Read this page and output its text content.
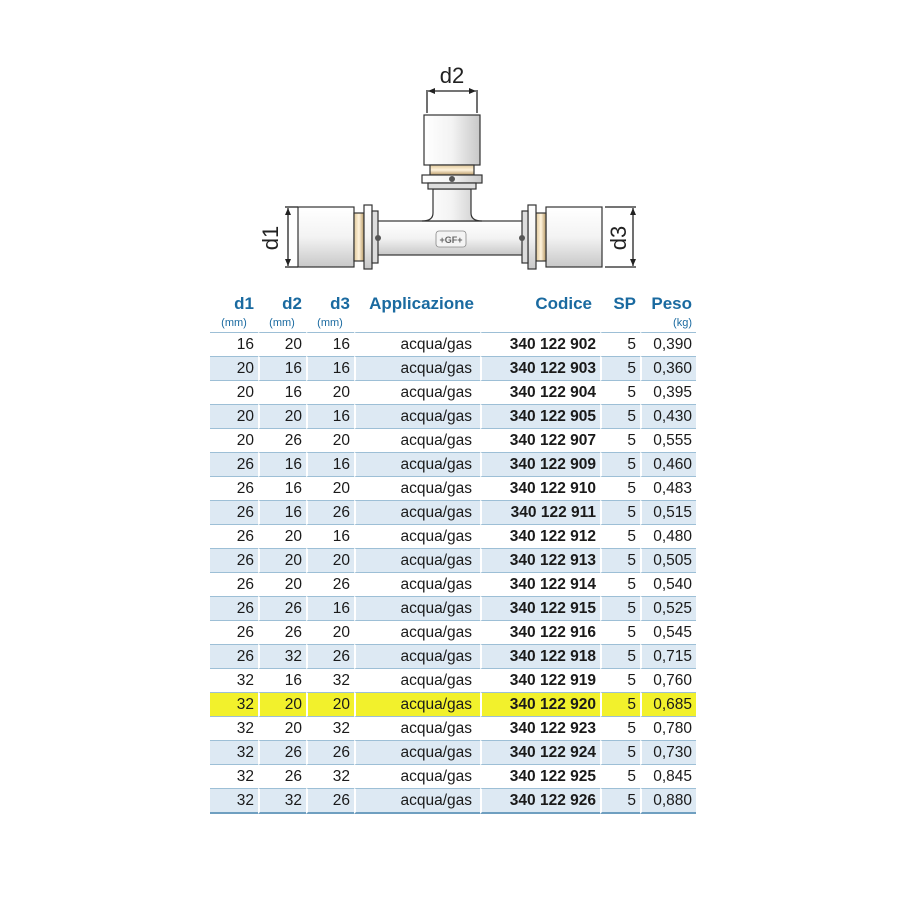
+GF+
d2
d1	d3
d1	d2	d3	Applicazione	Codice	SP	Peso
(mm)	(mm)	(mm)				(kg)
16	20	16	acqua/gas	340 122 902	5	0,390
20	16	16	acqua/gas	340 122 903	5	0,360
20	16	20	acqua/gas	340 122 904	5	0,395
20	20	16	acqua/gas	340 122 905	5	0,430
20	26	20	acqua/gas	340 122 907	5	0,555
26	16	16	acqua/gas	340 122 909	5	0,460
26	16	20	acqua/gas	340 122 910	5	0,483
26	16	26	acqua/gas	340 122 911	5	0,515
26	20	16	acqua/gas	340 122 912	5	0,480
26	20	20	acqua/gas	340 122 913	5	0,505
26	20	26	acqua/gas	340 122 914	5	0,540
26	26	16	acqua/gas	340 122 915	5	0,525
26	26	20	acqua/gas	340 122 916	5	0,545
26	32	26	acqua/gas	340 122 918	5	0,715
32	16	32	acqua/gas	340 122 919	5	0,760
32	20	20	acqua/gas	340 122 920	5	0,685
32	20	32	acqua/gas	340 122 923	5	0,780
32	26	26	acqua/gas	340 122 924	5	0,730
32	26	32	acqua/gas	340 122 925	5	0,845
32	32	26	acqua/gas	340 122 926	5	0,880
